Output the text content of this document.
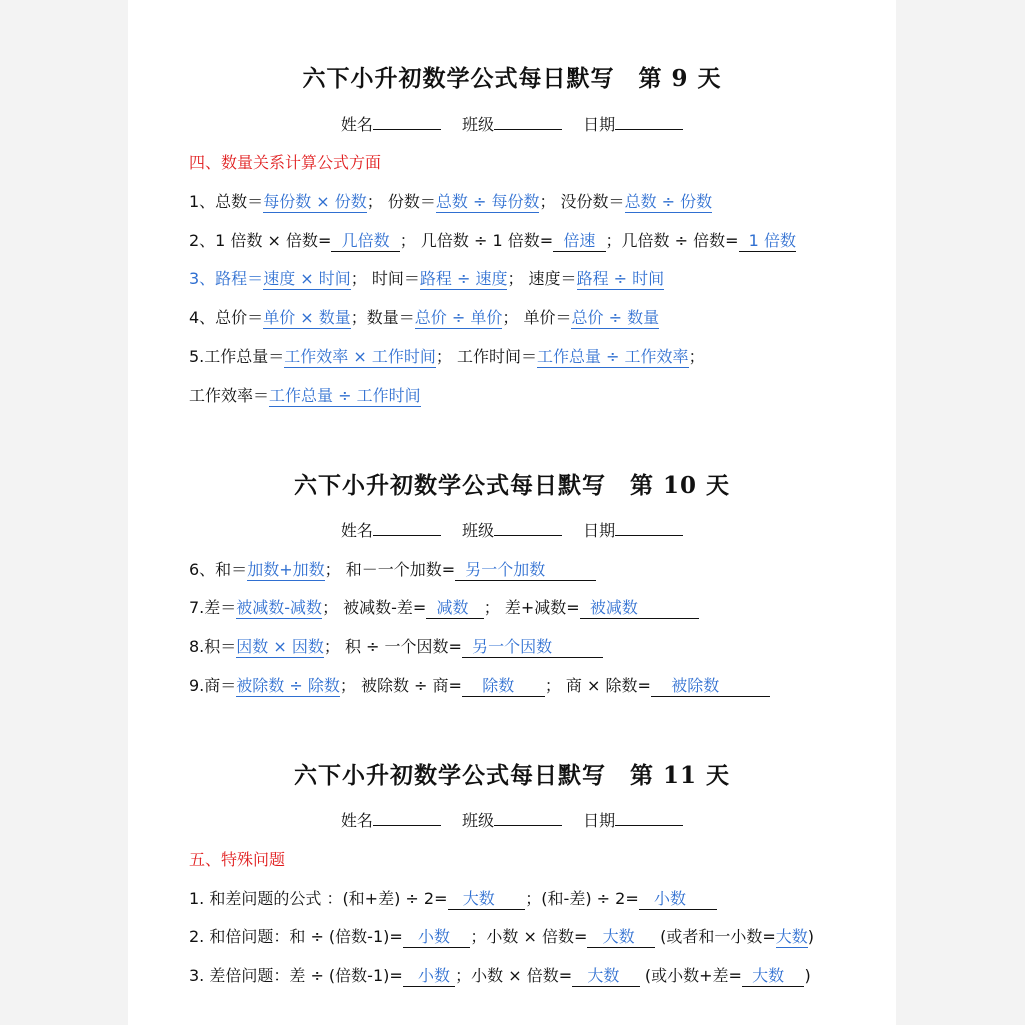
六下小升初数学公式每日默写　第 9 天
姓名	班级	日期
四、数量关系计算公式方面
1、总数＝每份数 × 份数； 份数＝总数 ÷ 每份数； 没份数＝总数 ÷ 份数
2、1 倍数 × 倍数= 几倍数 ； 几倍数 ÷ 1 倍数= 倍速 ；几倍数 ÷ 倍数= 1 倍数
3、路程＝速度 × 时间； 时间＝路程 ÷ 速度； 速度＝路程 ÷ 时间
4、总价＝单价 × 数量；数量＝总价 ÷ 单价； 单价＝总价 ÷ 数量
5.工作总量＝工作效率 × 工作时间； 工作时间＝工作总量 ÷ 工作效率；
工作效率＝工作总量 ÷ 工作时间
六下小升初数学公式每日默写　第 10 天
姓名	班级	日期
6、和＝加数+加数； 和－一个加数= 另一个加数
7.差＝被减数-减数； 被减数-差= 减数 ； 差+减数= 被减数
8.积＝因数 × 因数； 积 ÷ 一个因数= 另一个因数
9.商＝被除数 ÷ 除数； 被除数 ÷ 商= 除数 ； 商 × 除数= 被除数
六下小升初数学公式每日默写　第 11 天
姓名	班级	日期
五、特殊问题
1. 和差问题的公式 ：(和+差) ÷ 2= 大数 ；(和-差) ÷ 2= 小数
2. 和倍问题：和 ÷ (倍数-1)= 小数 ；小数 × 倍数= 大数 (或者和一小数=大数)
3. 差倍问题：差 ÷ (倍数-1)= 小数 ；小数 × 倍数= 大数 (或小数+差= 大数 )
